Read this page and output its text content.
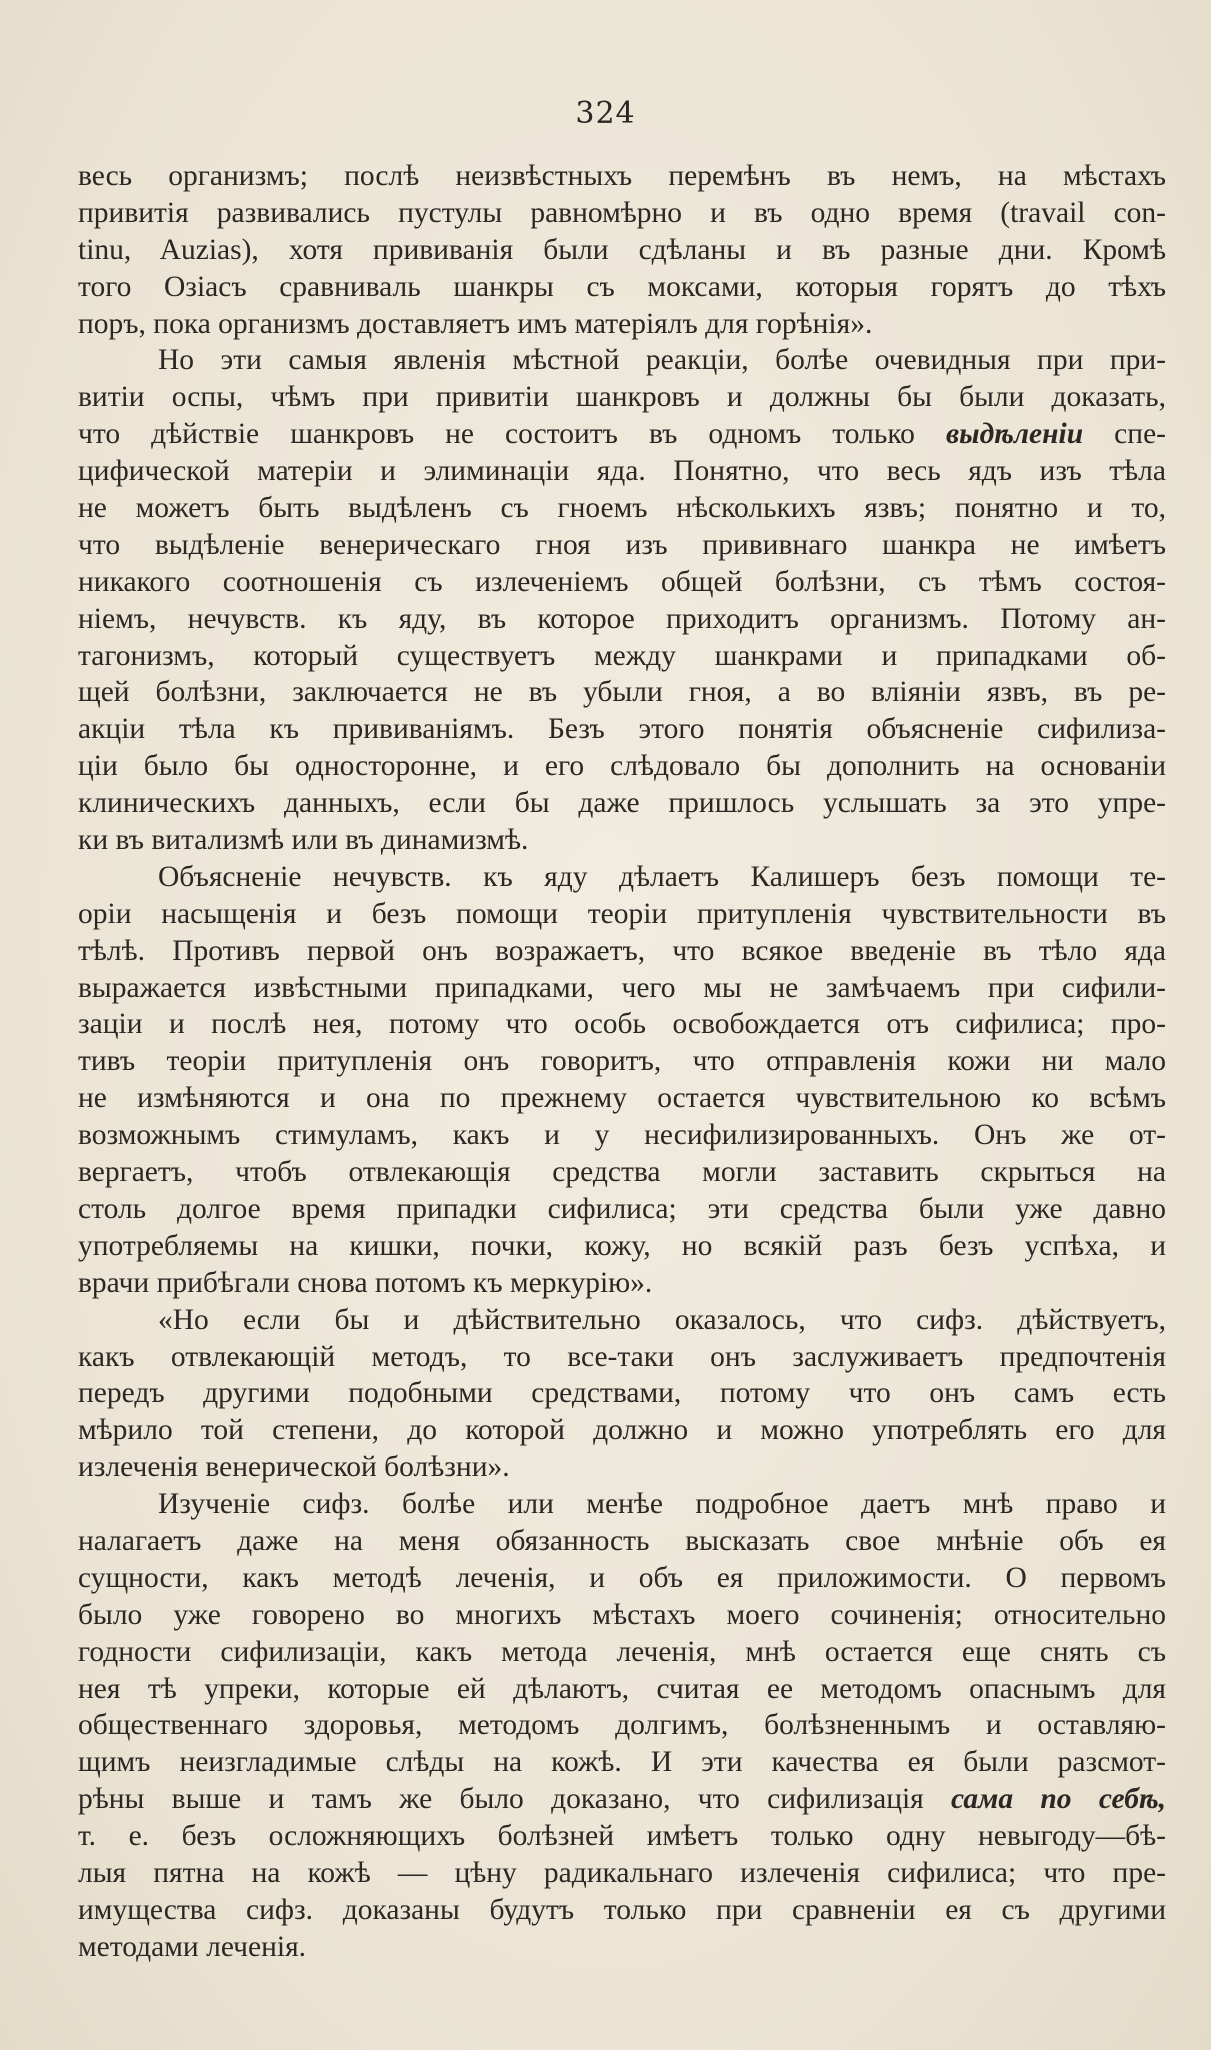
324
весь организмъ; послѣ неизвѣстныхъ перемѣнъ въ немъ, на мѣстахъ
привитія развивались пустулы равномѣрно и въ одно время (travail con-
tinu, Auzias), хотя прививанія были сдѣланы и въ разные дни. Кромѣ
того Озіасъ сравниваль шанкры съ моксами, которыя горятъ до тѣхъ
поръ, пока организмъ доставляетъ имъ матеріялъ для горѣнія».
Но эти самыя явленія мѣстной реакціи, болѣе очевидныя при при-
витіи оспы, чѣмъ при привитіи шанкровъ и должны бы были доказать,
что дѣйствіе шанкровъ не состоитъ въ одномъ только выдѣленіи спе-
цифической матеріи и элиминаціи яда. Понятно, что весь ядъ изъ тѣла
не можетъ быть выдѣленъ съ гноемъ нѣсколькихъ язвъ; понятно и то,
что выдѣленіе венерическаго гноя изъ прививнаго шанкра не имѣетъ
никакого соотношенія съ излеченіемъ общей болѣзни, съ тѣмъ состоя-
ніемъ, нечувств. къ яду, въ которое приходитъ организмъ. Потому ан-
тагонизмъ, который существуетъ между шанкрами и припадками об-
щей болѣзни, заключается не въ убыли гноя, а во вліяніи язвъ, въ ре-
акціи тѣла къ прививаніямъ. Безъ этого понятія объясненіе сифилиза-
ціи было бы одностороннe, и его слѣдовало бы дополнить на основаніи
клиническихъ данныхъ, если бы даже пришлось услышать за это упре-
ки въ витализмѣ или въ динамизмѣ.
Объясненіе нечувств. къ яду дѣлаетъ Калишеръ безъ помощи те-
оріи насыщенія и безъ помощи теоріи притупленія чувствительности въ
тѣлѣ. Противъ первой онъ возражаетъ, что всякое введеніе въ тѣло яда
выражается извѣстными припадками, чего мы не замѣчаемъ при сифили-
заціи и послѣ нея, потому что особь освобождается отъ сифилиса; про-
тивъ теоріи притупленія онъ говоритъ, что отправленія кожи ни мало
не измѣняются и она по прежнему остается чувствительною ко всѣмъ
возможнымъ стимуламъ, какъ и у несифилизированныхъ. Онъ же от-
вергаетъ, чтобъ отвлекающія средства могли заставить скрыться на
столь долгое время припадки сифилиса; эти средства были уже давно
употребляемы на кишки, почки, кожу, но всякій разъ безъ успѣха, и
врачи прибѣгали снова потомъ къ меркурію».
«Но если бы и дѣйствительно оказалось, что сифз. дѣйствуетъ,
какъ отвлекающій методъ, то все-таки онъ заслуживаетъ предпочтенія
передъ другими подобными средствами, потому что онъ самъ есть
мѣрило той степени, до которой должно и можно употреблять его для
излеченія венерической болѣзни».
Изученіе сифз. болѣе или менѣе подробное даетъ мнѣ право и
налагаетъ даже на меня обязанность высказать свое мнѣніе объ ея
сущности, какъ методѣ леченія, и объ ея приложимости. О первомъ
было уже говорено во многихъ мѣстахъ моего сочиненія; относительно
годности сифилизаціи, какъ метода леченія, мнѣ остается еще снять съ
нея тѣ упреки, которые ей дѣлаютъ, считая ее методомъ опаснымъ для
общественнаго здоровья, методомъ долгимъ, болѣзненнымъ и оставляю-
щимъ неизгладимые слѣды на кожѣ. И эти качества ея были разсмот-
рѣны выше и тамъ же было доказано, что сифилизація сама по себѣ,
т. е. безъ осложняющихъ болѣзней имѣетъ только одну невыгоду—бѣ-
лыя пятна на кожѣ — цѣну радикальнаго излеченія сифилиса; что пре-
имущества сифз. доказаны будутъ только при сравненіи ея съ другими
методами леченія.
